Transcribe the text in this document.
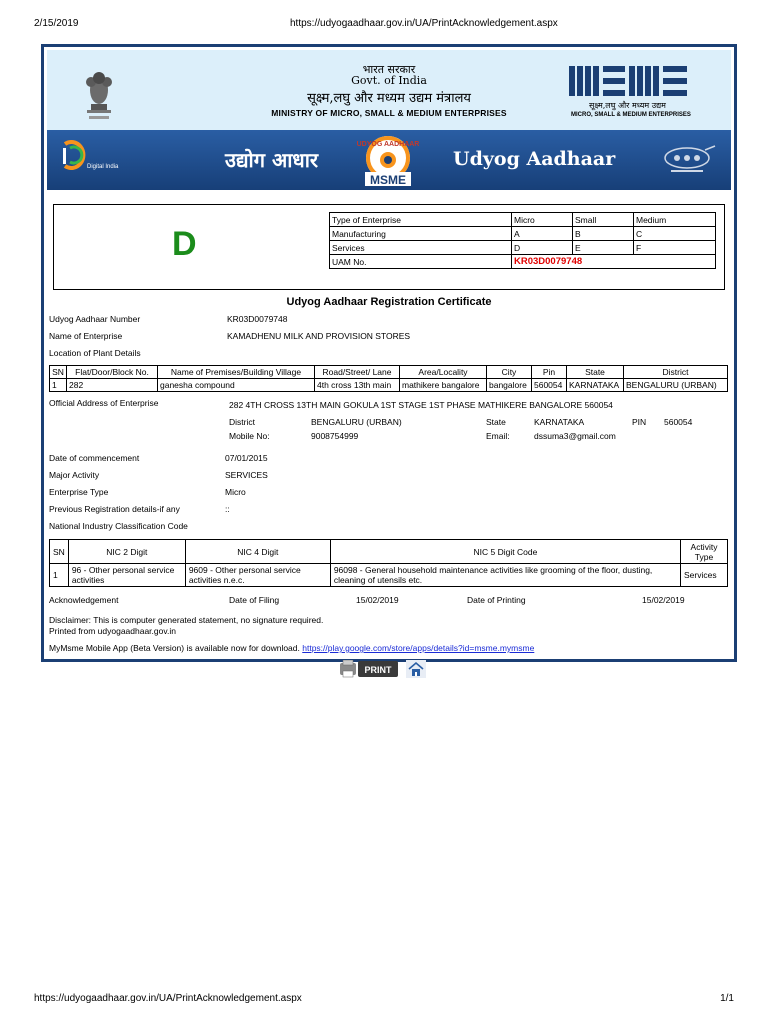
2/15/2019	https://udyogaadhaar.gov.in/UA/PrintAcknowledgement.aspx
भारत सरकार
Govt. of India
सूक्ष्म,लघु और मध्यम उद्यम मंत्रालय
MINISTRY OF MICRO, SMALL & MEDIUM ENTERPRISES
सूक्ष्म,लघु और मध्यम उद्यम
MICRO, SMALL & MEDIUM ENTERPRISES
Digital India	उद्योग आधार
UDYOG AADHAAR
MSME
Udyog Aadhaar
D
Type of Enterprise	Micro	Small	Medium
Manufacturing	A	B	C
Services	D	E	F
UAM No.	KR03D0079748		
Udyog Aadhaar Registration Certificate
Udyog Aadhaar Number	KR03D0079748
Name of Enterprise	KAMADHENU MILK AND PROVISION STORES
Location of Plant Details
SN	Flat/Door/Block No.	Name of Premises/Building Village	Road/Street/ Lane	Area/Locality	City	Pin	State	District
1	282	ganesha compound	4th cross 13th main	mathikere bangalore	bangalore	560054	KARNATAKA	BENGALURU (URBAN)
Official Address of Enterprise	282 4TH CROSS 13TH MAIN GOKULA 1ST STAGE 1ST PHASE MATHIKERE BANGALORE 560054
District	BENGALURU (URBAN)	State	KARNATAKA	PIN 560054
Mobile No:	9008754999	Email:	dssuma3@gmail.com
Date of commencement	07/01/2015
Major Activity	SERVICES
Enterprise Type	Micro
Previous Registration details-if any	::
National Industry Classification Code
SN	NIC 2 Digit	NIC 4 Digit	NIC 5 Digit Code	Activity Type
1	96 - Other personal service activities	9609 - Other personal service activities n.e.c.	96098 - General household maintenance activities like grooming of the floor, dusting, cleaning of utensils etc.	Services
Acknowledgement	Date of Filing	15/02/2019	Date of Printing	15/02/2019
Disclaimer: This is computer generated statement, no signature required.
Printed from udyogaadhaar.gov.in
MyMsme Mobile App (Beta Version) is available now for download. https://play.google.com/store/apps/details?id=msme.mymsme
PRINT
https://udyogaadhaar.gov.in/UA/PrintAcknowledgement.aspx	1/1
